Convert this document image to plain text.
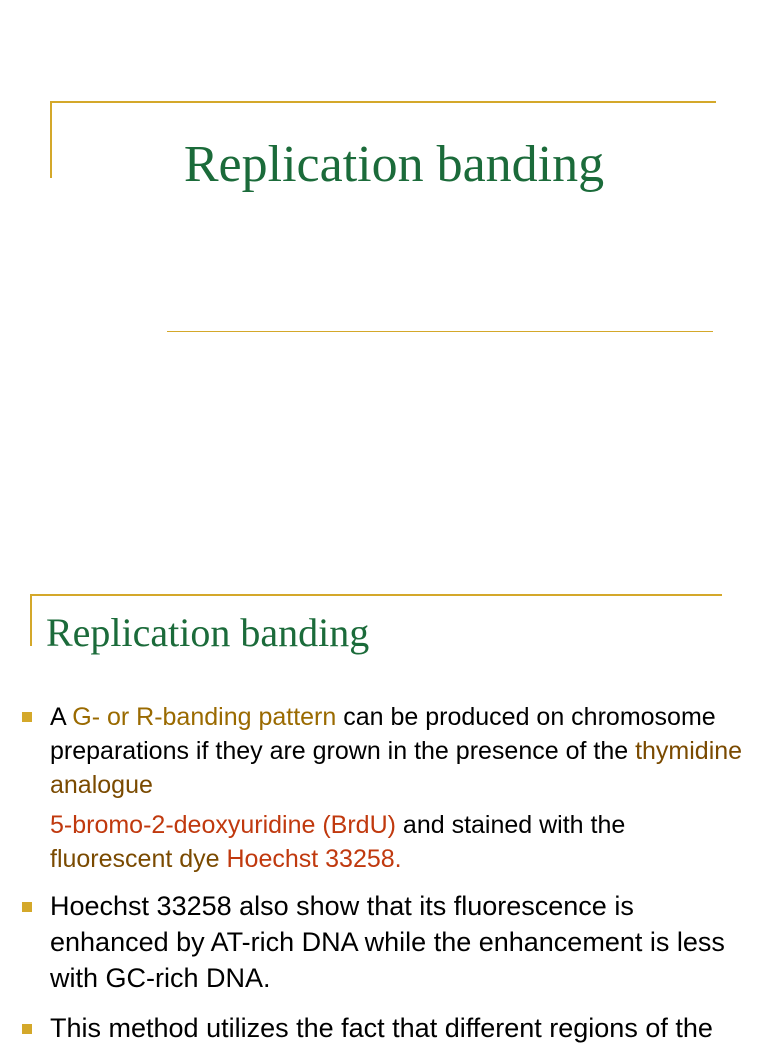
Replication banding
Replication banding
A G- or R-banding pattern can be produced on chromosome preparations if they are grown in the presence of the thymidine analogue
5-bromo-2-deoxyuridine (BrdU) and stained with the fluorescent dye Hoechst 33258.
Hoechst 33258 also show that its fluorescence is enhanced by AT-rich DNA while the enhancement is less with GC-rich DNA.
This method utilizes the fact that different regions of the
